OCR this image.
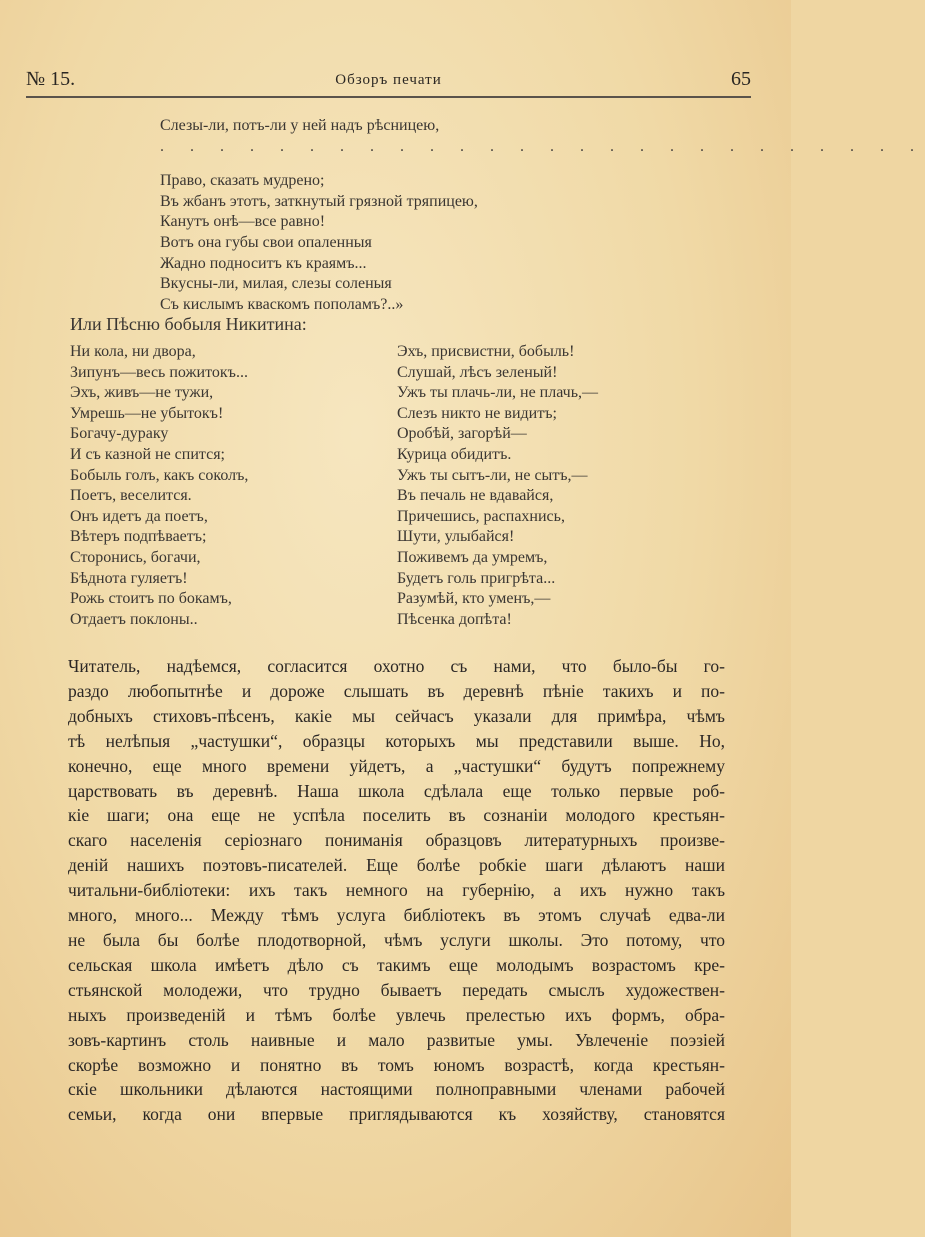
№ 15.	Обзоръ печати	65
Слезы-ли, потъ-ли у ней надъ рѣсницею,
. . . . . . . . . . . . . . . . . . . . . . . . . .
Право, сказать мудрено;
Въ жбанъ этотъ, заткнутый грязной тряпицею,
Канутъ онѣ—все равно!
Вотъ она губы свои опаленныя
Жадно подноситъ къ краямъ...
Вкусны-ли, милая, слезы соленыя
Съ кислымъ кваскомъ пополамъ?..»
Или Пѣсню бобыля Никитина:
Ни кола, ни двора,
Зипунъ—весь пожитокъ...
Эхъ, живъ—не тужи,
Умрешь—не убытокъ!
Богачу-дураку
И съ казной не спится;
Бобыль голъ, какъ соколъ,
Поетъ, веселится.
Онъ идетъ да поетъ,
Вѣтеръ подпѣваетъ;
Сторонись, богачи,
Бѣднота гуляетъ!
Рожь стоитъ по бокамъ,
Отдаетъ поклоны..
Эхъ, присвистни, бобыль!
Слушай, лѣсъ зеленый!
Ужъ ты плачь-ли, не плачь,—
Слезъ никто не видитъ;
Оробѣй, загорѣй—
Курица обидитъ.
Ужъ ты сытъ-ли, не сытъ,—
Въ печаль не вдавайся,
Причешись, распахнись,
Шути, улыбайся!
Поживемъ да умремъ,
Будетъ голь пригрѣта...
Разумѣй, кто уменъ,—
Пѣсенка допѣта!
Читатель, надѣемся, согласится охотно съ нами, что было-бы го-
раздо любопытнѣе и дороже слышать въ деревнѣ пѣніе такихъ и по-
добныхъ стиховъ-пѣсенъ, какіе мы сейчасъ указали для примѣра, чѣмъ
тѣ нелѣпыя „частушки“, образцы которыхъ мы представили выше. Но,
конечно, еще много времени уйдетъ, а „частушки“ будутъ попрежнему
царствовать въ деревнѣ. Наша школа сдѣлала еще только первые роб-
кіе шаги; она еще не успѣла поселить въ сознаніи молодого крестьян-
скаго населенія серіознаго пониманія образцовъ литературныхъ произве-
деній нашихъ поэтовъ-писателей. Еще болѣе робкіе шаги дѣлаютъ наши
читальни-библіотеки: ихъ такъ немного на губернію, а ихъ нужно такъ
много, много... Между тѣмъ услуга библіотекъ въ этомъ случаѣ едва-ли
не была бы болѣе плодотворной, чѣмъ услуги школы. Это потому, что
сельская школа имѣетъ дѣло съ такимъ еще молодымъ возрастомъ кре-
стьянской молодежи, что трудно бываетъ передать смыслъ художествен-
ныхъ произведеній и тѣмъ болѣе увлечь прелестью ихъ формъ, обра-
зовъ-картинъ столь наивные и мало развитые умы. Увлеченіе поэзіей
скорѣе возможно и понятно въ томъ юномъ возрастѣ, когда крестьян-
скіе школьники дѣлаются настоящими полноправными членами рабочей
семьи, когда они впервые приглядываются къ хозяйству, становятся
